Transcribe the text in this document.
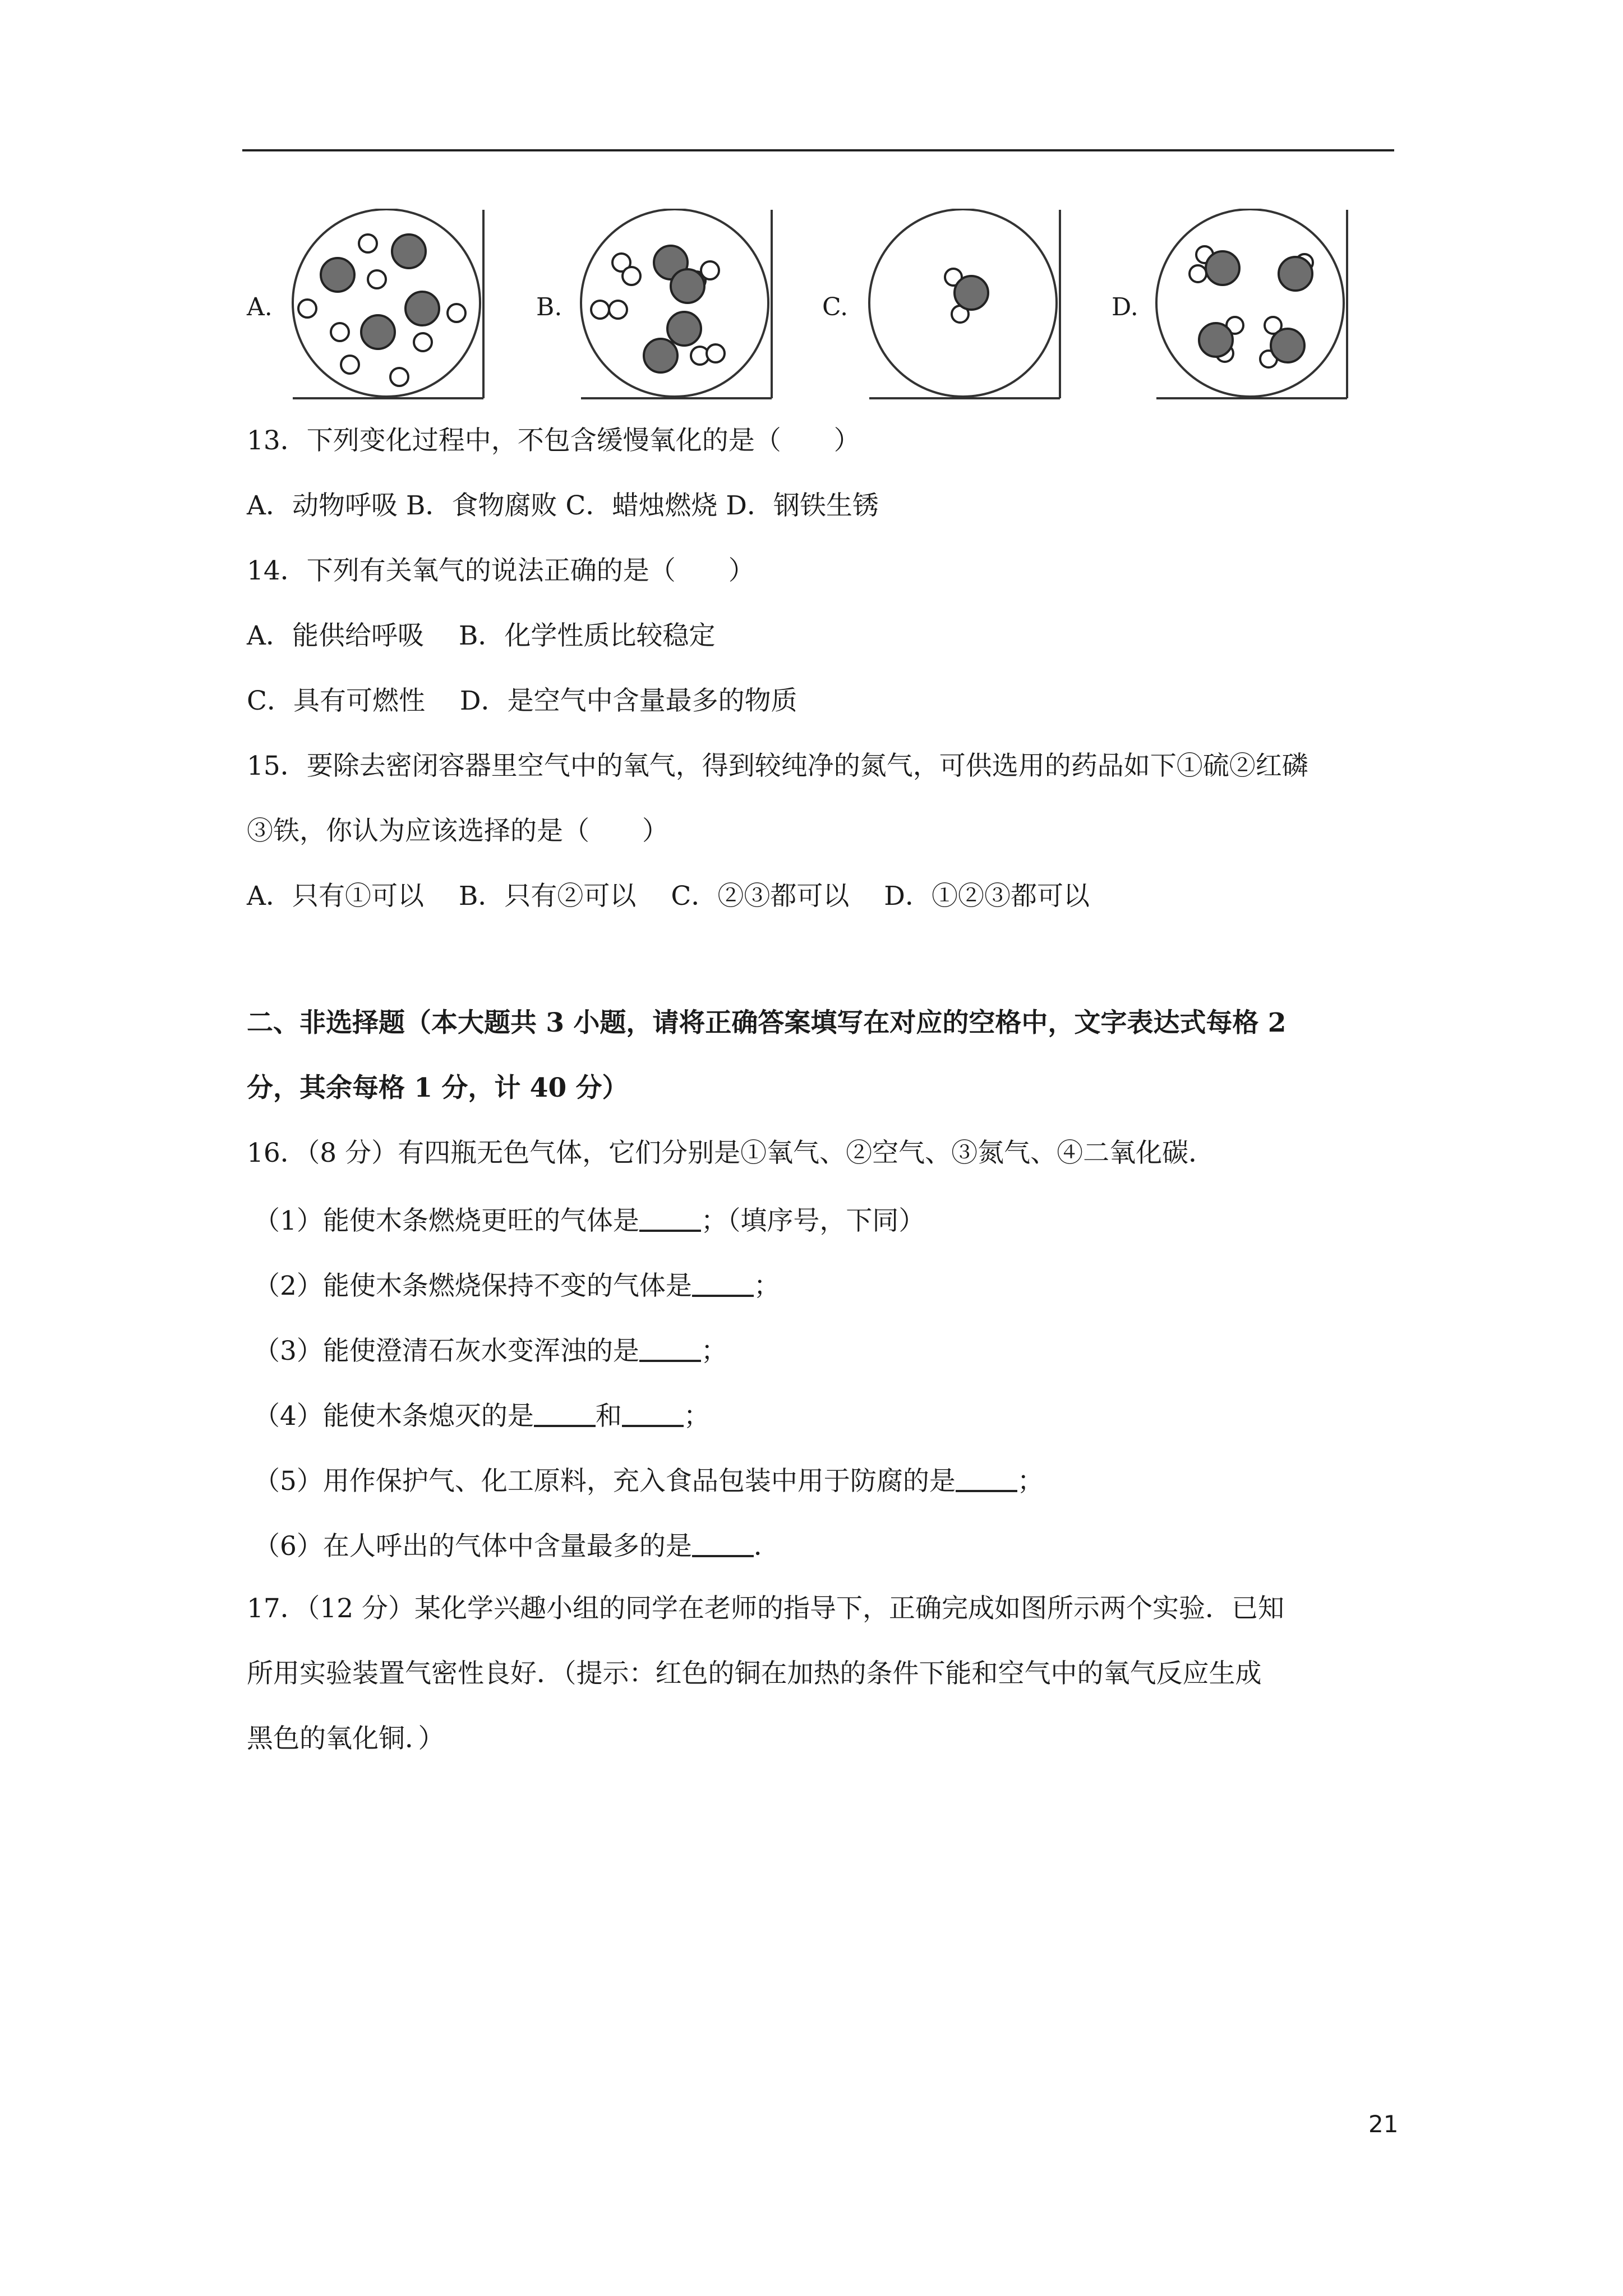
A.	B.	C.	D.
13．下列变化过程中，不包含缓慢氧化的是（　　）
A．动物呼吸 B．食物腐败 C．蜡烛燃烧 D．钢铁生锈
14．下列有关氧气的说法正确的是（　　）
A．能供给呼吸　 B．化学性质比较稳定
C．具有可燃性　 D．是空气中含量最多的物质
15．要除去密闭容器里空气中的氧气，得到较纯净的氮气，可供选用的药品如下①硫②红磷
③铁，你认为应该选择的是（　　）
A．只有①可以　 B．只有②可以　 C．②③都可以　 D．①②③都可以
二、非选择题（本大题共 3 小题，请将正确答案填写在对应的空格中，文字表达式每格 2
分，其余每格 1 分，计 40 分）
16．（8 分）有四瓶无色气体，它们分别是①氧气、②空气、③氮气、④二氧化碳．
（1）能使木条燃烧更旺的气体是 ；（填序号，下同）
（2）能使木条燃烧保持不变的气体是 ；
（3）能使澄清石灰水变浑浊的是 ；
（4）能使木条熄灭的是 和 ；
（5）用作保护气、化工原料，充入食品包装中用于防腐的是 ；
（6）在人呼出的气体中含量最多的是 ．
17．（12 分）某化学兴趣小组的同学在老师的指导下，正确完成如图所示两个实验．已知
所用实验装置气密性良好．（提示：红色的铜在加热的条件下能和空气中的氧气反应生成
黑色的氧化铜．）
21
